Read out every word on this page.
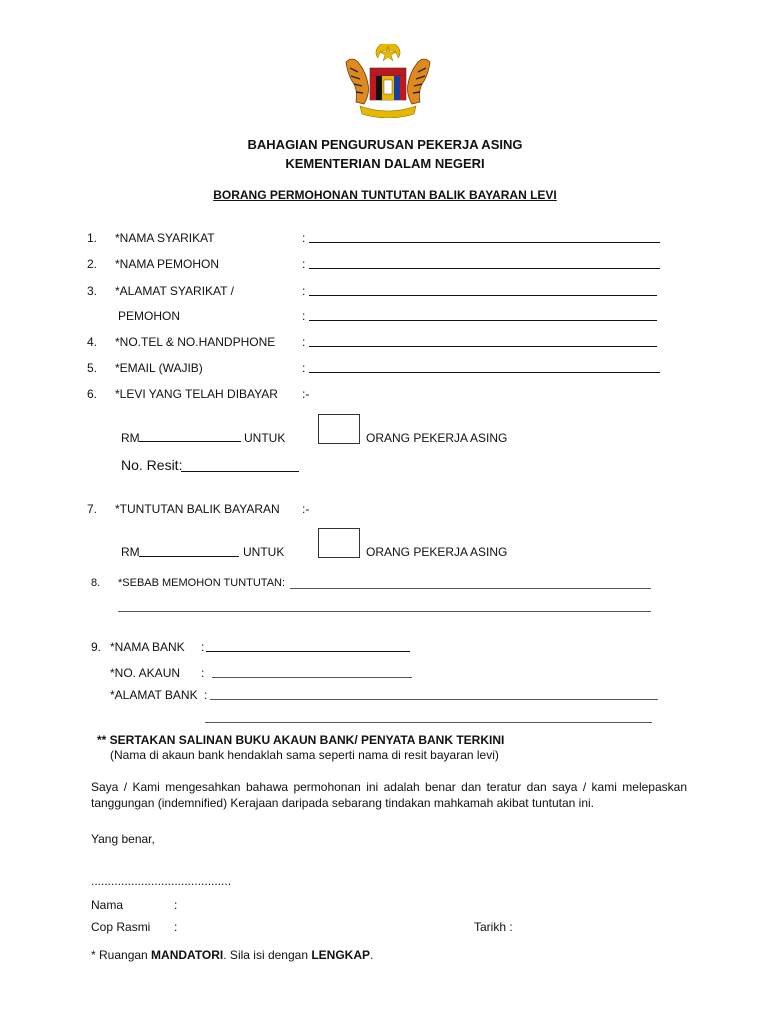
BAHAGIAN PENGURUSAN PEKERJA ASING
KEMENTERIAN DALAM NEGERI
BORANG PERMOHONAN TUNTUTAN BALIK BAYARAN LEVI
1. *NAMA SYARIKAT	:
2. *NAMA PEMOHON	:
3. *ALAMAT SYARIKAT /	:
PEMOHON	:
4. *NO.TEL & NO.HANDPHONE :
5. *EMAIL (WAJIB)	:
6. *LEVI YANG TELAH DIBAYAR :-
RM	UNTUK	ORANG PEKERJA ASING
No. Resit:
7. *TUNTUTAN BALIK BAYARAN :-
RM	UNTUK	ORANG PEKERJA ASING
8. *SEBAB MEMOHON TUNTUTAN:
9. *NAMA BANK :
*NO. AKAUN :
*ALAMAT BANK :
** SERTAKAN SALINAN BUKU AKAUN BANK/ PENYATA BANK TERKINI
(Nama di akaun bank hendaklah sama seperti nama di resit bayaran levi)
Saya / Kami mengesahkan bahawa permohonan ini adalah benar dan teratur dan saya / kami melepaskan tanggungan (indemnified) Kerajaan daripada sebarang tindakan mahkamah akibat tuntutan ini.
Yang benar,
..........................................
Nama	:
Cop Rasmi :	Tarikh :
* Ruangan MANDATORI. Sila isi dengan LENGKAP.
